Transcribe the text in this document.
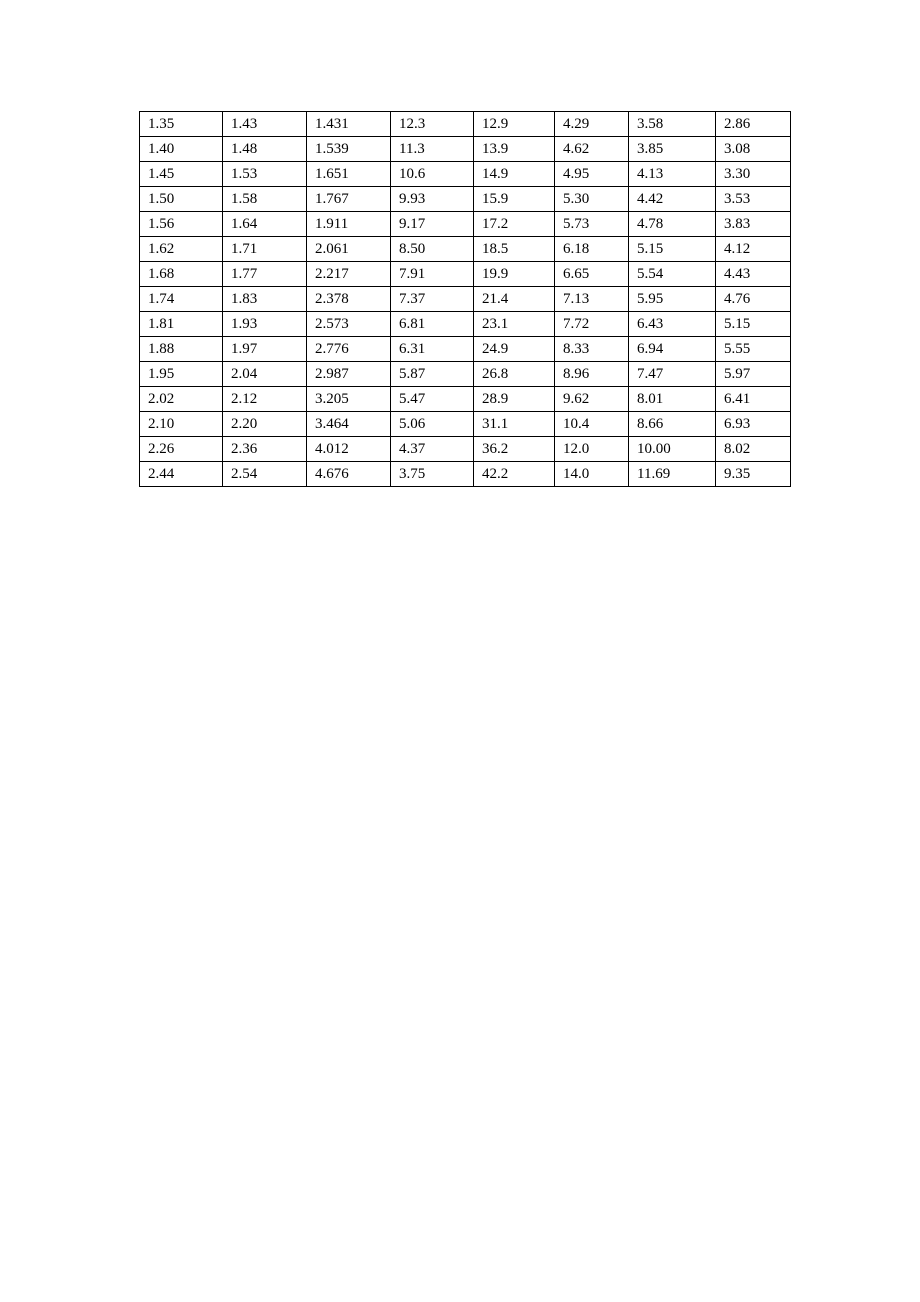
1.35	1.43	1.431	12.3	12.9	4.29	3.58	2.86
1.40	1.48	1.539	11.3	13.9	4.62	3.85	3.08
1.45	1.53	1.651	10.6	14.9	4.95	4.13	3.30
1.50	1.58	1.767	9.93	15.9	5.30	4.42	3.53
1.56	1.64	1.911	9.17	17.2	5.73	4.78	3.83
1.62	1.71	2.061	8.50	18.5	6.18	5.15	4.12
1.68	1.77	2.217	7.91	19.9	6.65	5.54	4.43
1.74	1.83	2.378	7.37	21.4	7.13	5.95	4.76
1.81	1.93	2.573	6.81	23.1	7.72	6.43	5.15
1.88	1.97	2.776	6.31	24.9	8.33	6.94	5.55
1.95	2.04	2.987	5.87	26.8	8.96	7.47	5.97
2.02	2.12	3.205	5.47	28.9	9.62	8.01	6.41
2.10	2.20	3.464	5.06	31.1	10.4	8.66	6.93
2.26	2.36	4.012	4.37	36.2	12.0	10.00	8.02
2.44	2.54	4.676	3.75	42.2	14.0	11.69	9.35
